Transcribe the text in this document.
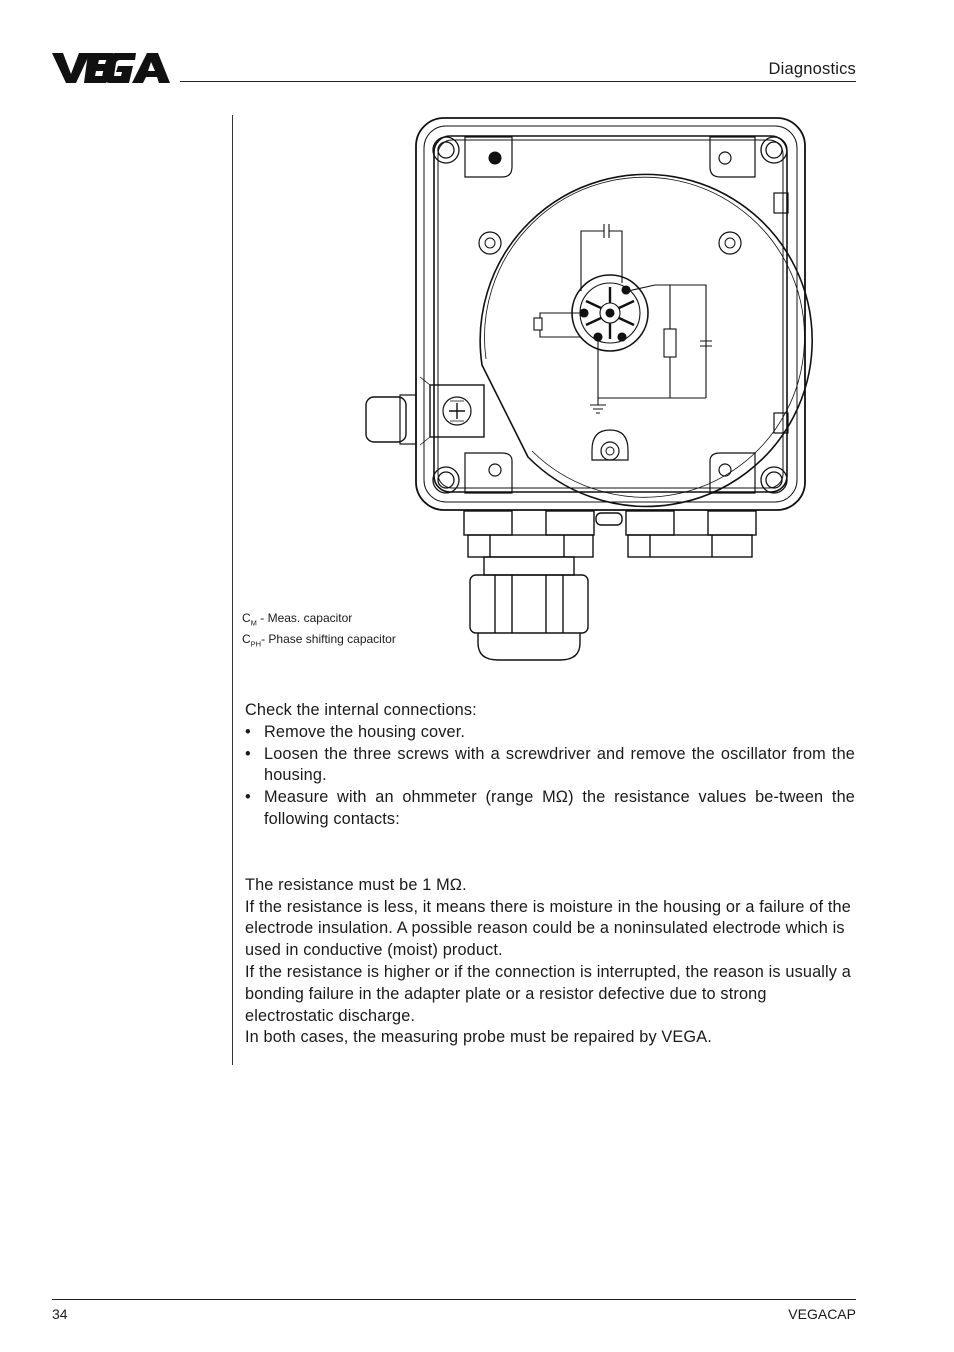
Diagnostics
$C_M$ - Meas. capacitor
$C_{PH}-$ Phase shifting capacitor

Check the internal connections:

• Remove the housing cover.
• Loosen the three screws with a screwdriver and remove the oscillator from the housing.
• Measure with an ohmmeter (range MΩ) the resistance values be-tween the following contacts:

The resistance must be 1 MΩ.

If the resistance is less, it means there is moisture in the housing or a failure of the electrode insulation. A possible reason could be a noninsulated electrode which is used in conductive (moist) product.

If the resistance is higher or if the connection is interrupted, the reason is usually a bonding failure in the adapter plate or a resistor defective due to strong electrostatic discharge.

In both cases, the measuring probe must be repaired by VEGA.

34	VEGACAP
